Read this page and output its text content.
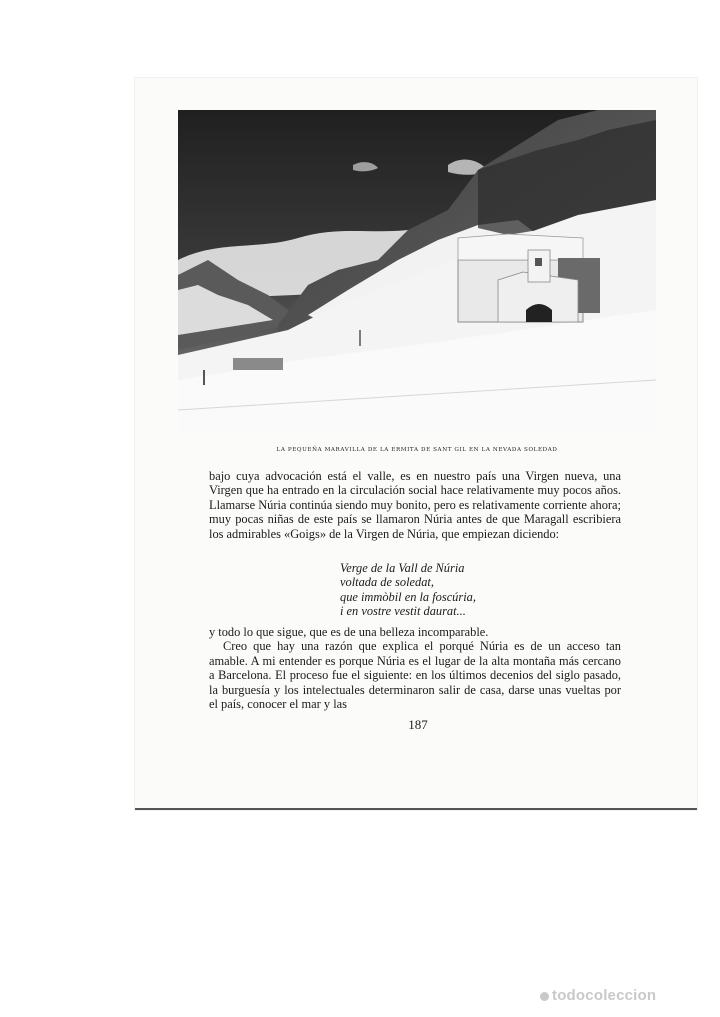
LA PEQUEÑA MARAVILLA DE LA ERMITA DE SANT GIL EN LA NEVADA SOLEDAD

bajo cuya advocación está el valle, es en nuestro país una Virgen nueva, una Virgen que ha entrado en la circulación social hace relativamente muy pocos años. Llamarse Núria continúa siendo muy bonito, pero es relativamente corriente ahora; muy pocas niñas de este país se llamaron Núria antes de que Maragall escribiera los admirables «Goigs» de la Virgen de Núria, que empiezan diciendo:

Verge de la Vall de Núria
voltada de soledat,
que immòbil en la foscúria,
i en vostre vestit daurat...

y todo lo que sigue, que es de una belleza incomparable.

Creo que hay una razón que explica el porqué Núria es de un acceso tan amable. A mi entender es porque Núria es el lugar de la alta montaña más cercano a Barcelona. El proceso fue el siguiente: en los últimos decenios del siglo pasado, la burguesía y los intelectuales determinaron salir de casa, darse unas vueltas por el país, conocer el mar y las

187
todocoleccion
